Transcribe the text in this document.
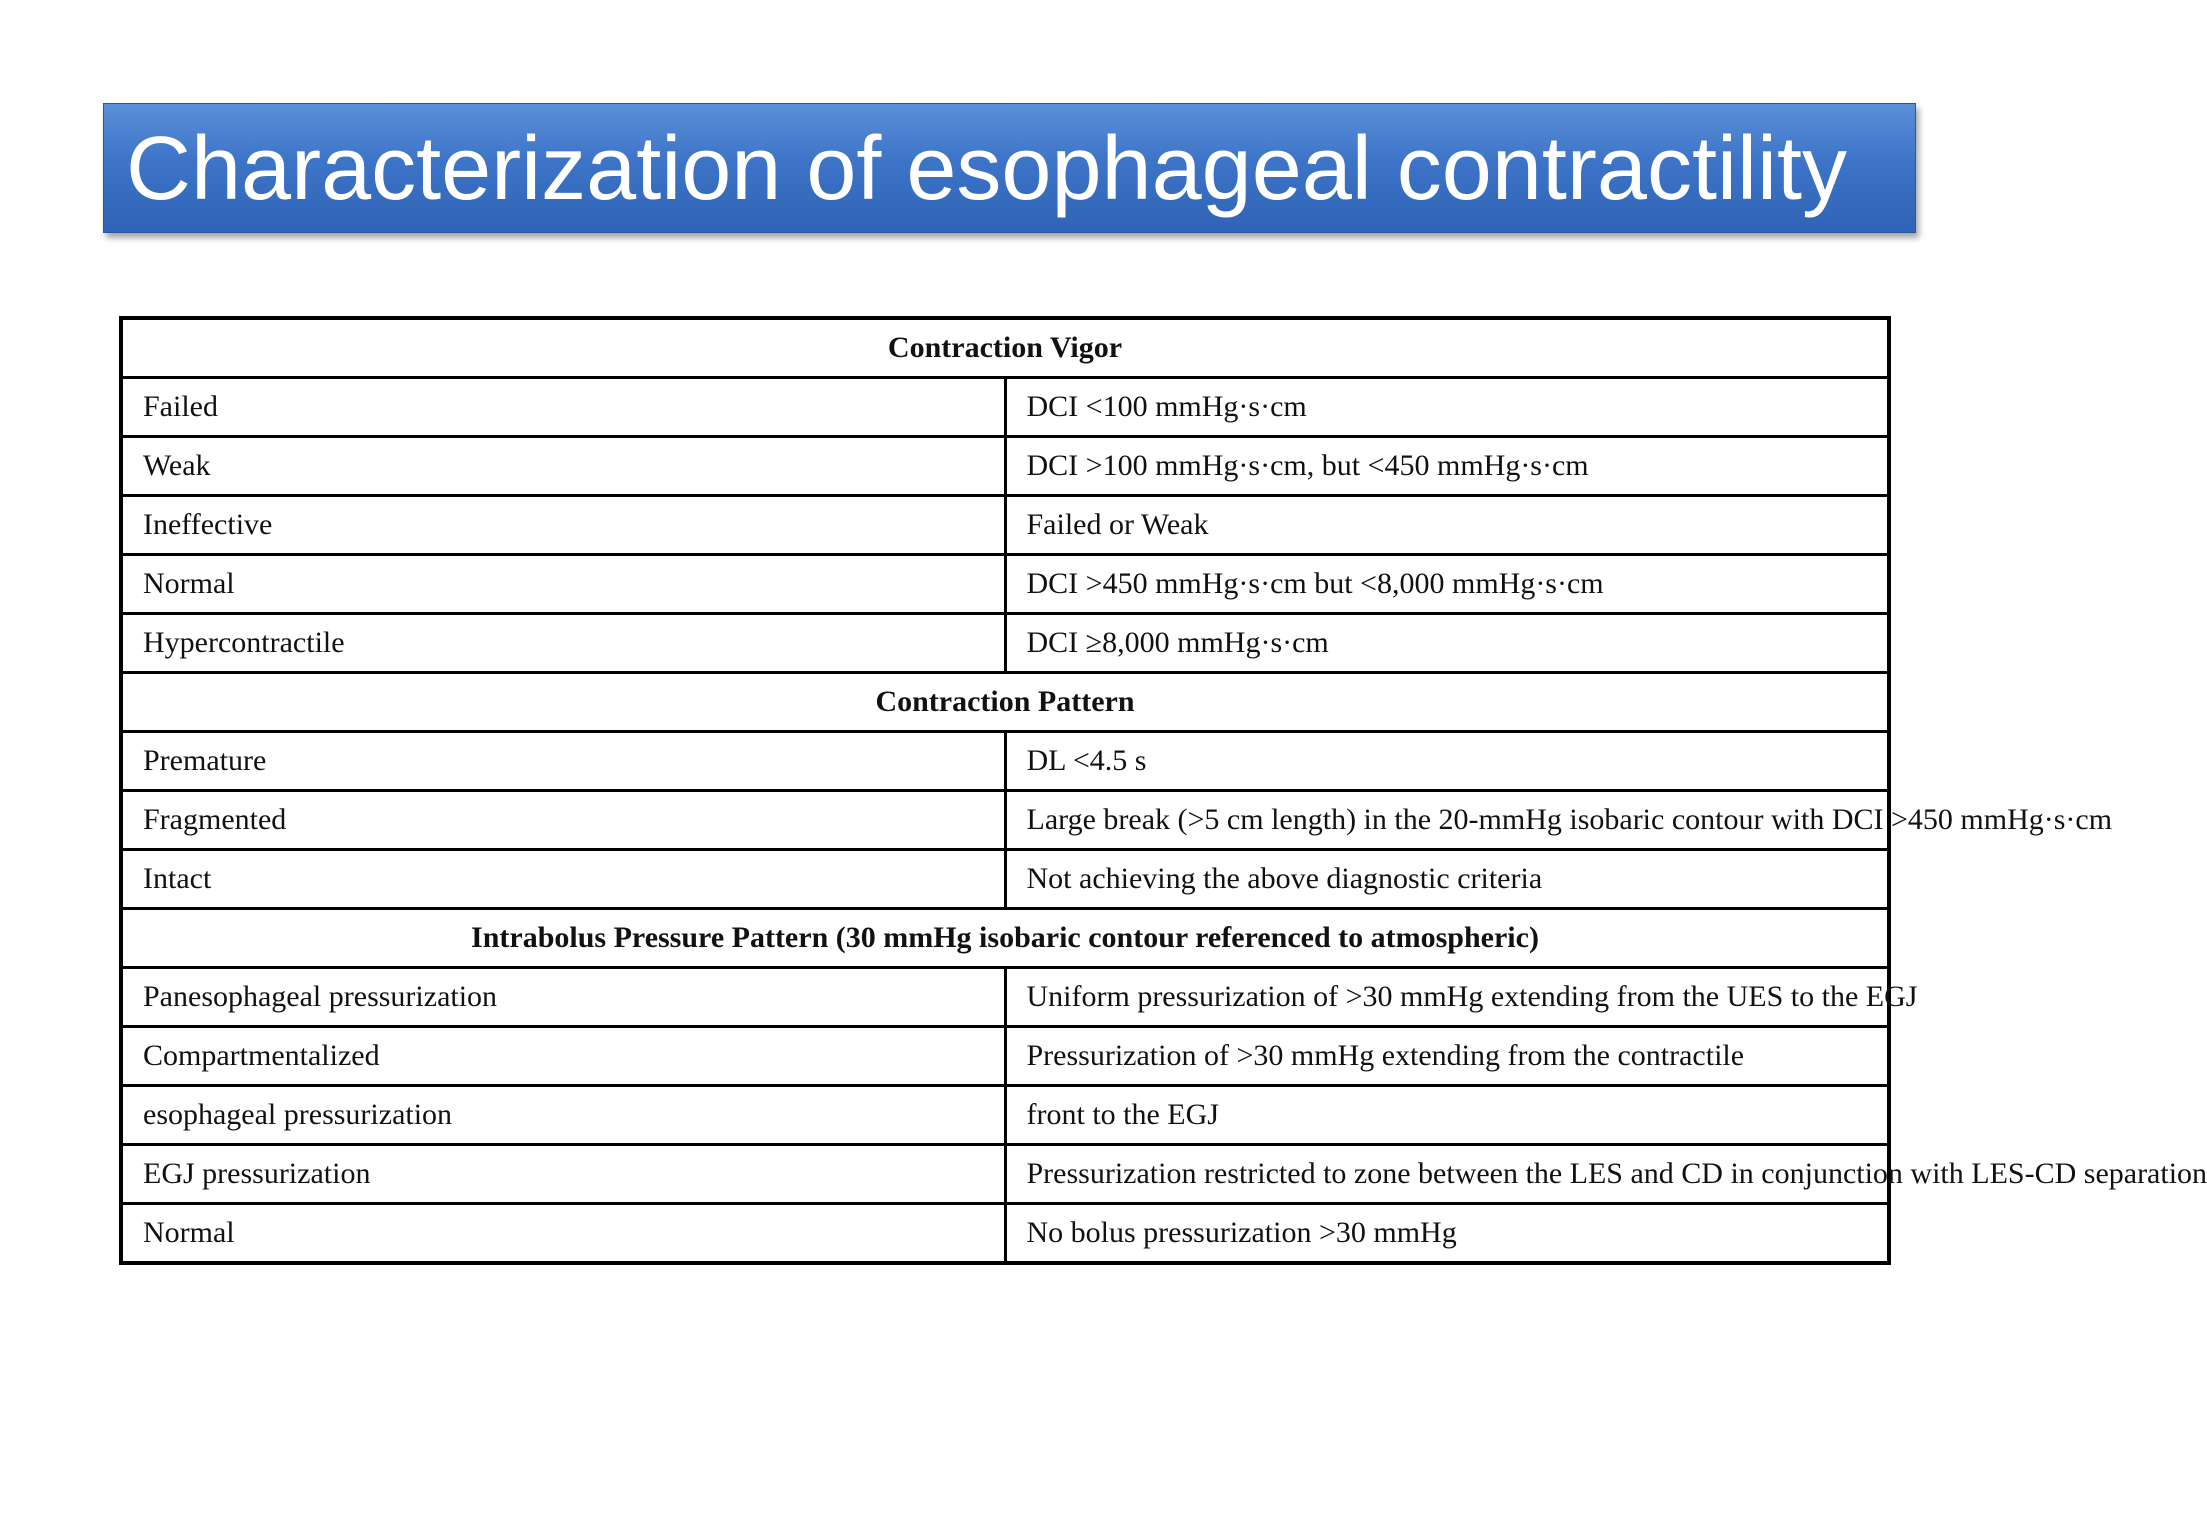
Characterization of esophageal contractility
Contraction Vigor	
Failed	DCI <100 mmHg·s·cm
Weak	DCI >100 mmHg·s·cm, but <450 mmHg·s·cm
Ineffective	Failed or Weak
Normal	DCI >450 mmHg·s·cm but <8,000 mmHg·s·cm
Hypercontractile	DCI ≥8,000 mmHg·s·cm
Contraction Pattern	
Premature	DL <4.5 s
Fragmented	Large break (>5 cm length) in the 20-mmHg isobaric contour with DCI >450 mmHg·s·cm
Intact	Not achieving the above diagnostic criteria
Intrabolus Pressure Pattern (30 mmHg isobaric contour referenced to atmospheric)	
Panesophageal pressurization	Uniform pressurization of >30 mmHg extending from the UES to the EGJ
Compartmentalized	Pressurization of >30 mmHg extending from the contractile
esophageal pressurization	front to the EGJ
EGJ pressurization	Pressurization restricted to zone between the LES and CD in conjunction with LES-CD separation
Normal	No bolus pressurization >30 mmHg
